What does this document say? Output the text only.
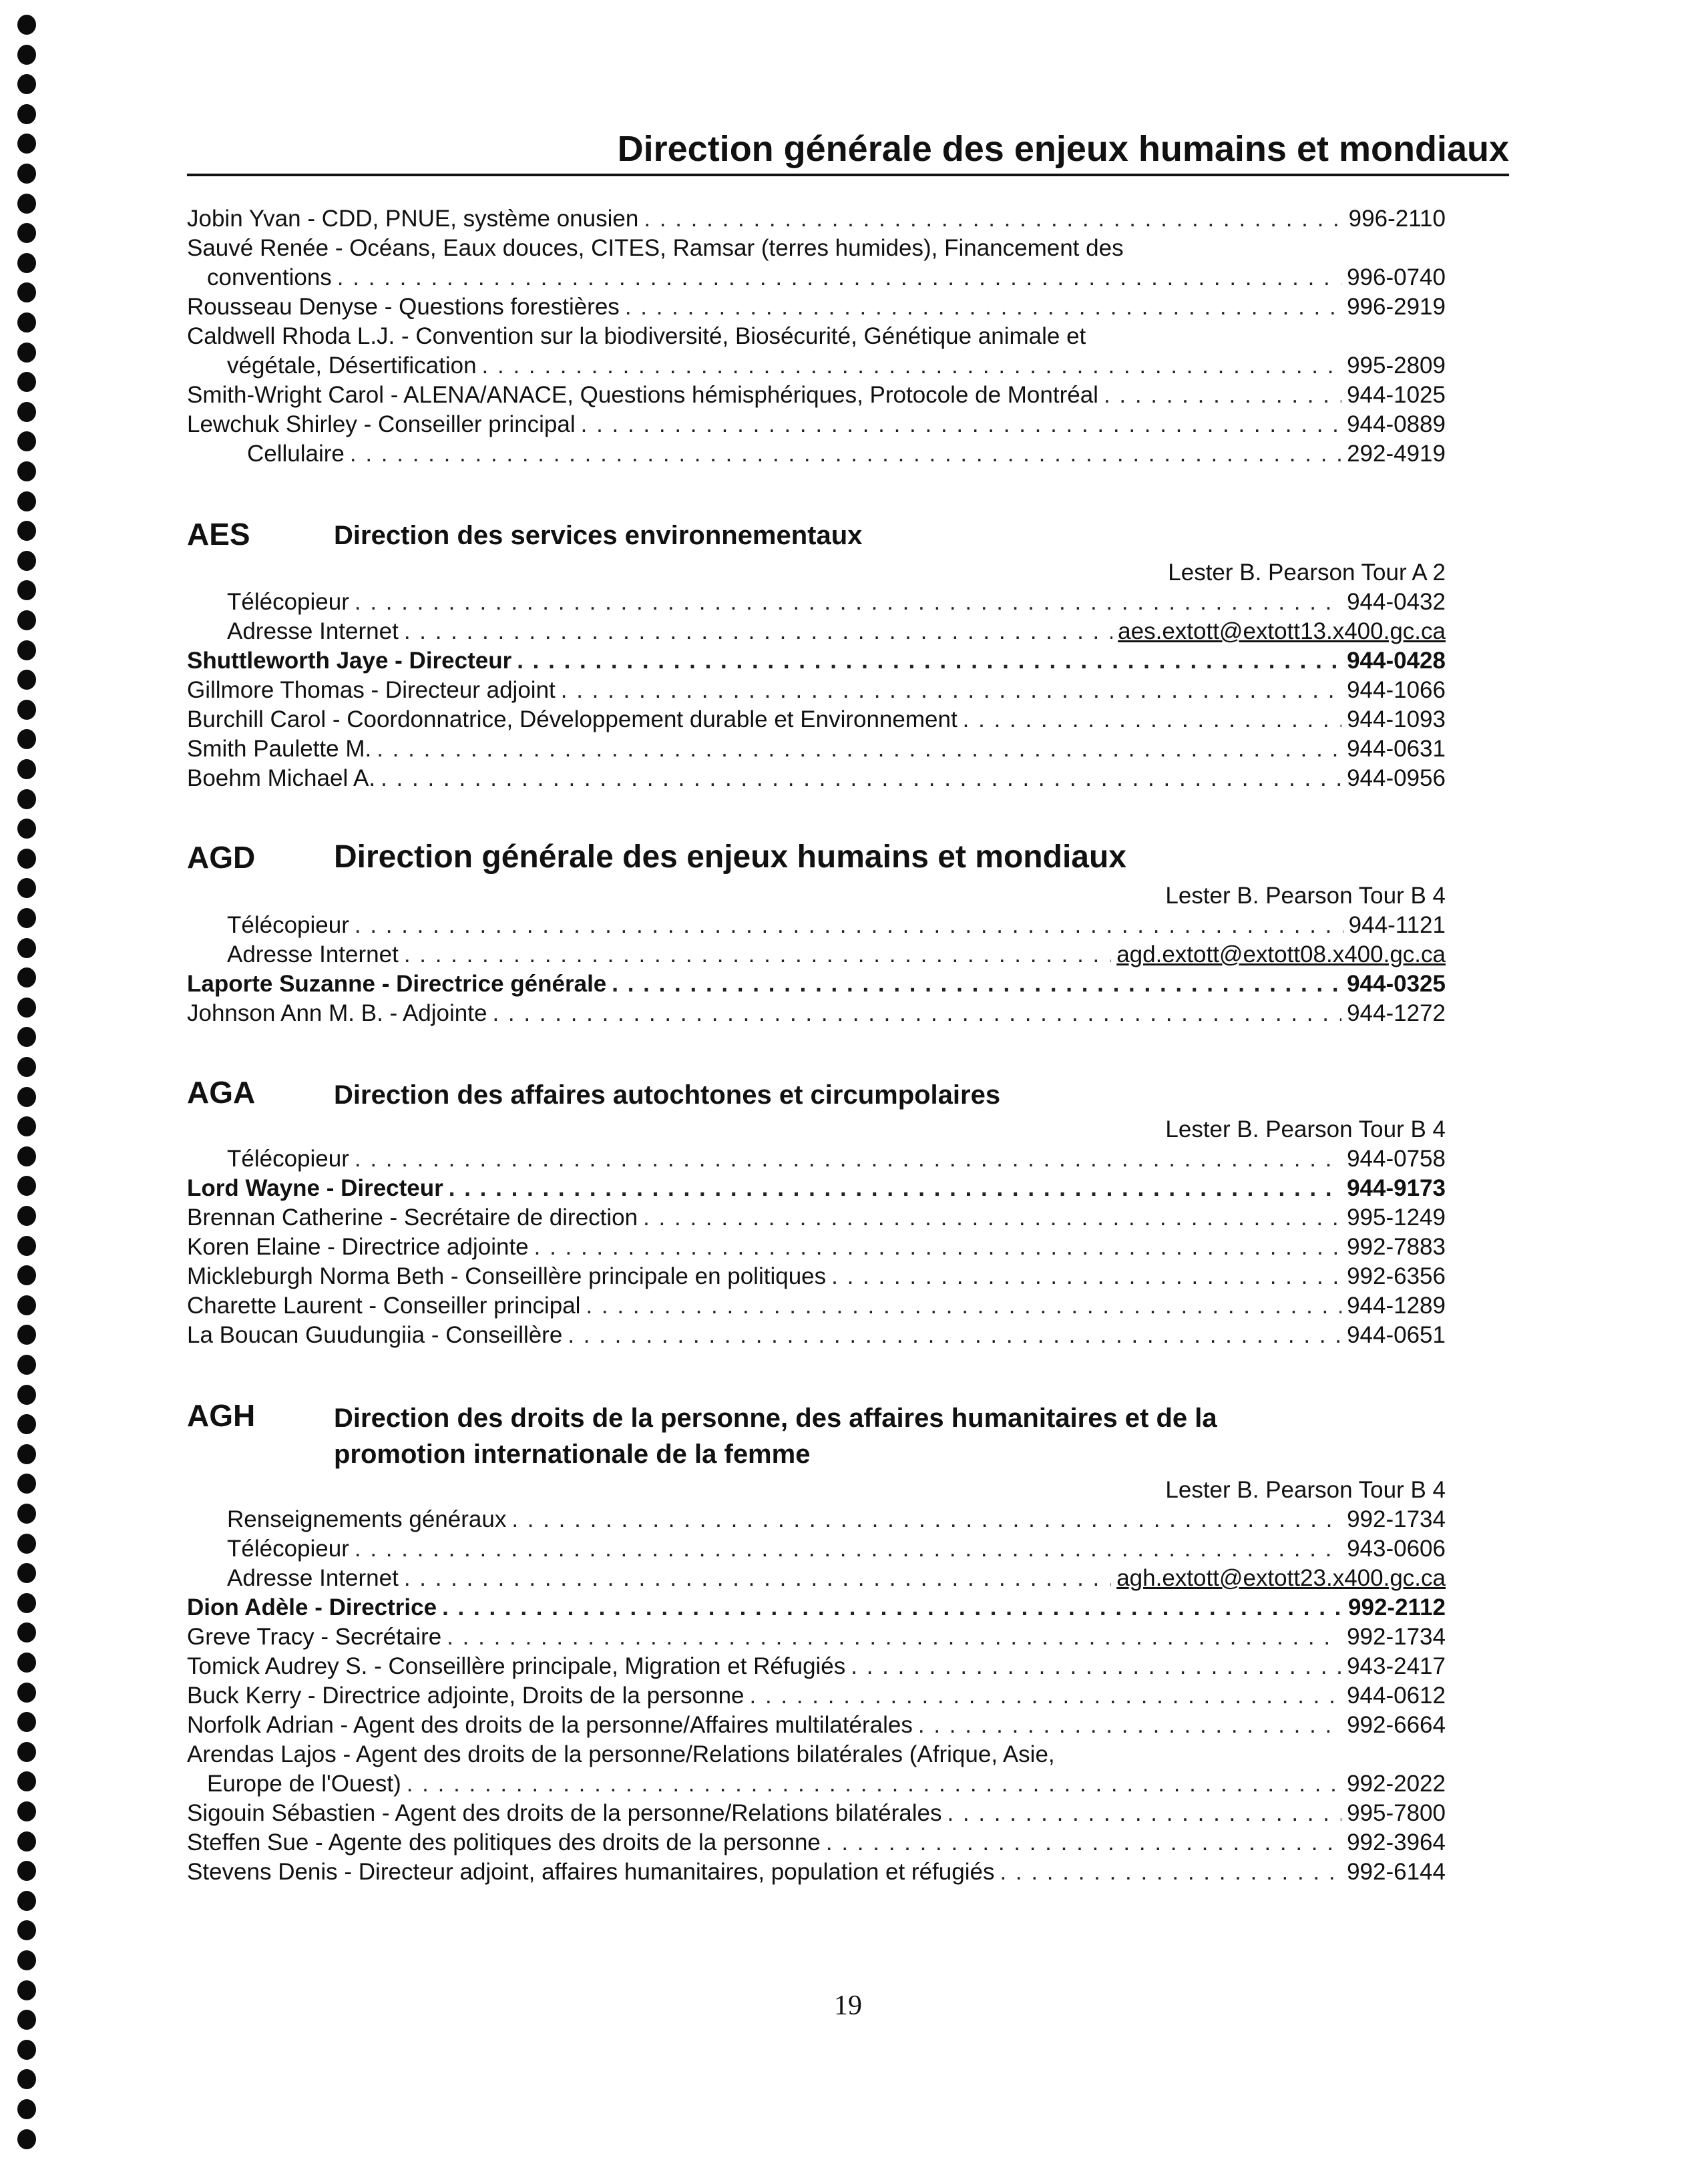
Direction générale des enjeux humains et mondiaux
Jobin Yvan - CDD, PNUE, système onusien . . .	996-2110
Sauvé Renée - Océans, Eaux douces, CITES, Ramsar (terres humides), Financement des
conventions . . .	996-0740
Rousseau Denyse - Questions forestières . . .	996-2919
Caldwell Rhoda L.J. - Convention sur la biodiversité, Biosécurité, Génétique animale et
végétale, Désertification . . .	995-2809
Smith-Wright Carol - ALENA/ANACE, Questions hémisphériques, Protocole de Montréal . . .	944-1025
Lewchuk Shirley - Conseiller principal . . .	944-0889
Cellulaire . . .	292-4919
AES	Direction des services environnementaux
Lester B. Pearson Tour A 2
Télécopieur . . .	944-0432
Adresse Internet . . .	aes.extott@extott13.x400.gc.ca
Shuttleworth Jaye - Directeur . . .	944-0428
Gillmore Thomas - Directeur adjoint . . .	944-1066
Burchill Carol - Coordonnatrice, Développement durable et Environnement . . .	944-1093
Smith Paulette M. . . .	944-0631
Boehm Michael A. . . .	944-0956
AGD Direction générale des enjeux humains et mondiaux
Lester B. Pearson Tour B 4
Télécopieur . . .	944-1121
Adresse Internet . . .	agd.extott@extott08.x400.gc.ca
Laporte Suzanne - Directrice générale . . .	944-0325
Johnson Ann M. B. - Adjointe . . .	944-1272
AGA	Direction des affaires autochtones et circumpolaires
Lester B. Pearson Tour B 4
Télécopieur . . .	944-0758
Lord Wayne - Directeur . . .	944-9173
Brennan Catherine - Secrétaire de direction . . .	995-1249
Koren Elaine - Directrice adjointe . . .	992-7883
Mickleburgh Norma Beth - Conseillère principale en politiques . . .	992-6356
Charette Laurent - Conseiller principal . . .	944-1289
La Boucan Guudungiia - Conseillère . . .	944-0651
AGH	Direction des droits de la personne, des affaires humanitaires et de la
promotion internationale de la femme
Lester B. Pearson Tour B 4
Renseignements généraux . . .	992-1734
Télécopieur . . .	943-0606
Adresse Internet . . .	agh.extott@extott23.x400.gc.ca
Dion Adèle - Directrice . . .	992-2112
Greve Tracy - Secrétaire . . .	992-1734
Tomick Audrey S. - Conseillère principale, Migration et Réfugiés . . .	943-2417
Buck Kerry - Directrice adjointe, Droits de la personne . . .	944-0612
Norfolk Adrian - Agent des droits de la personne/Affaires multilatérales . . .	992-6664
Arendas Lajos - Agent des droits de la personne/Relations bilatérales (Afrique, Asie,
Europe de l'Ouest) . . .	992-2022
Sigouin Sébastien - Agent des droits de la personne/Relations bilatérales . . .	995-7800
Steffen Sue - Agente des politiques des droits de la personne . . .	992-3964
Stevens Denis - Directeur adjoint, affaires humanitaires, population et réfugiés . . .	992-6144
19
